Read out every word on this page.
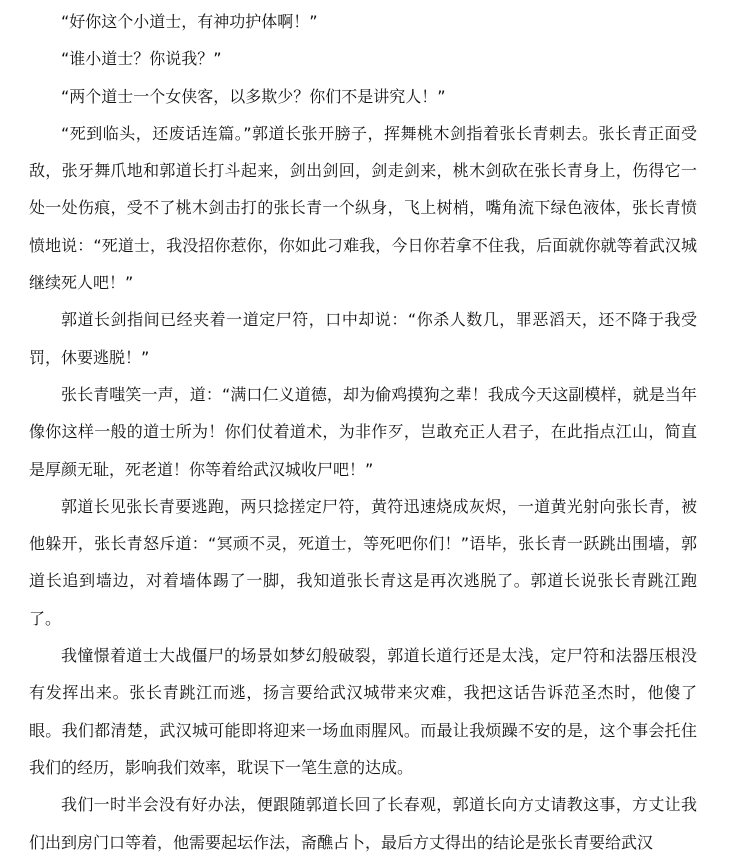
“好你这个小道士，有神功护体啊！”

“谁小道士？你说我？”

“两个道士一个女侠客，以多欺少？你们不是讲究人！”

“死到临头，还废话连篇。”郭道长张开膀子，挥舞桃木剑指着张长青刺去。张长青正面受敌，张牙舞爪地和郭道长打斗起来，剑出剑回，剑走剑来，桃木剑砍在张长青身上，伤得它一处一处伤痕，受不了桃木剑击打的张长青一个纵身，飞上树梢，嘴角流下绿色液体，张长青愤愤地说：“死道士，我没招你惹你，你如此刁难我，今日你若拿不住我，后面就你就等着武汉城继续死人吧！”

郭道长剑指间已经夹着一道定尸符，口中却说：“你杀人数几，罪恶滔天，还不降于我受罚，休要逃脱！”

张长青嗤笑一声，道：“满口仁义道德，却为偷鸡摸狗之辈！我成今天这副模样，就是当年像你这样一般的道士所为！你们仗着道术，为非作歹，岂敢充正人君子，在此指点江山，简直是厚颜无耻，死老道！你等着给武汉城收尸吧！”

郭道长见张长青要逃跑，两只捻搓定尸符，黄符迅速烧成灰烬，一道黄光射向张长青，被他躲开，张长青怒斥道：“冥顽不灵，死道士，等死吧你们！”语毕，张长青一跃跳出围墙，郭道长追到墙边，对着墙体踢了一脚，我知道张长青这是再次逃脱了。郭道长说张长青跳江跑了。

我憧憬着道士大战僵尸的场景如梦幻般破裂，郭道长道行还是太浅，定尸符和法器压根没有发挥出来。张长青跳江而逃，扬言要给武汉城带来灾难，我把这话告诉范圣杰时，他傻了眼。我们都清楚，武汉城可能即将迎来一场血雨腥风。而最让我烦躁不安的是，这个事会托住我们的经历，影响我们效率，耽误下一笔生意的达成。

我们一时半会没有好办法，便跟随郭道长回了长春观，郭道长向方丈请教这事，方丈让我们出到房门口等着，他需要起坛作法，斋醮占卜，最后方丈得出的结论是张长青要给武汉
